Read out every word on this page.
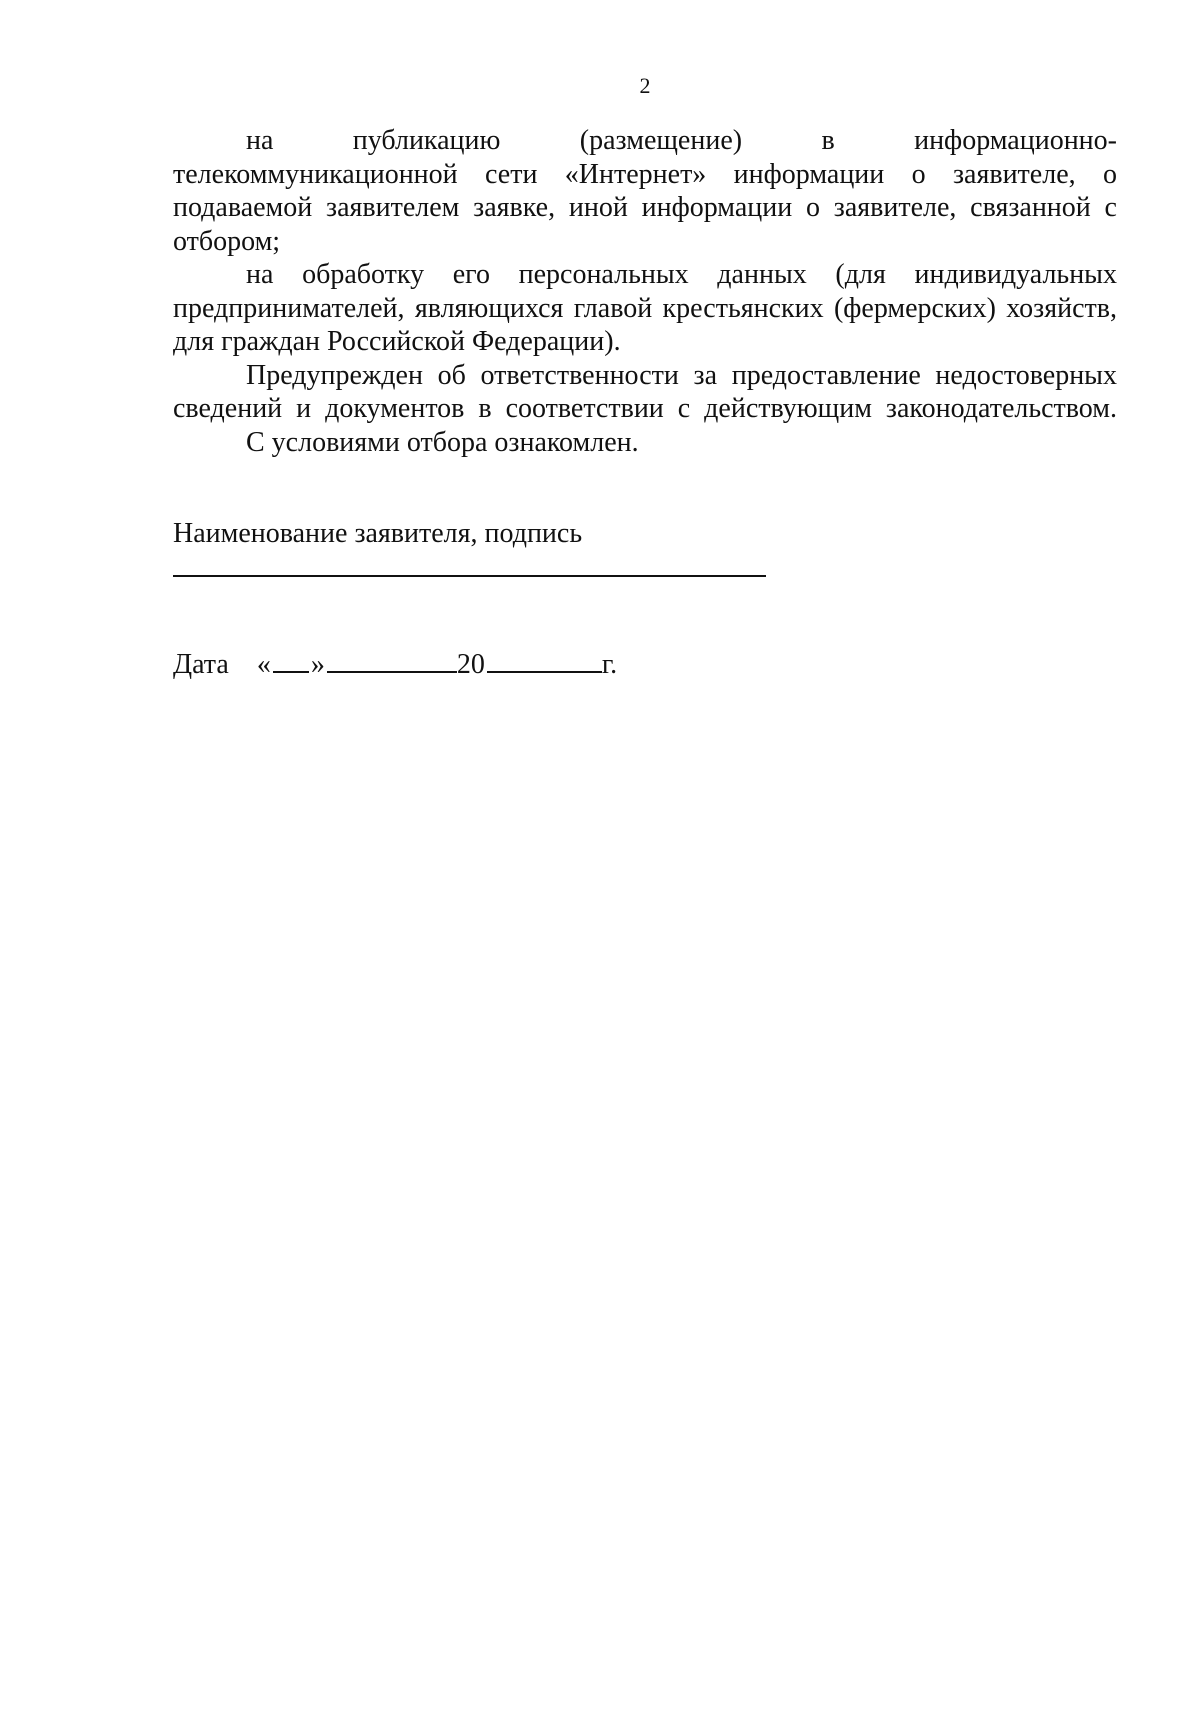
2

на публикацию (размещение) в информационно-
телекоммуникационной сети «Интернет» информации о заявителе, о
подаваемой заявителем заявке, иной информации о заявителе, связанной с
отбором;

на обработку его персональных данных (для индивидуальных
предпринимателей, являющихся главой крестьянских (фермерских) хозяйств,
для граждан Российской Федерации).

Предупрежден об ответственности за предоставление недостоверных
сведений и документов в соответствии с действующим законодательством.

С условиями отбора ознакомлен.

Наименование заявителя, подпись
Дата « »	20	г.
